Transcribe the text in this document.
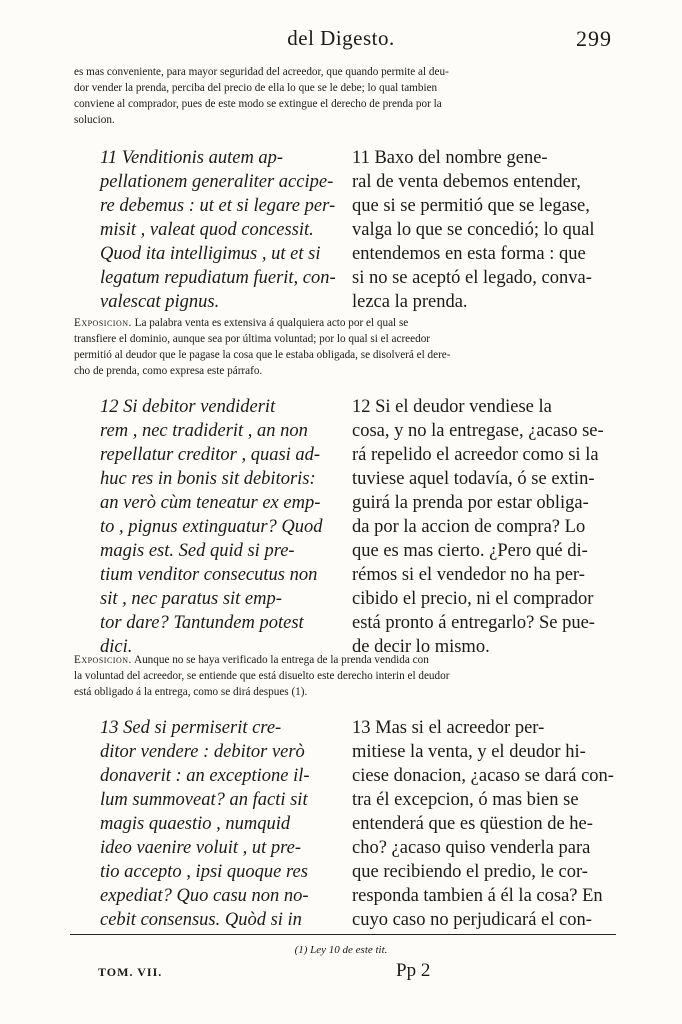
del Digesto.	299
es mas conveniente, para mayor seguridad del acreedor, que quando permite al deu-
dor vender la prenda, perciba del precio de ella lo que se le debe; lo qual tambien
conviene al comprador, pues de este modo se extingue el derecho de prenda por la
solucion.
11 Venditionis autem ap-
pellationem generaliter accipe-
re debemus : ut et si legare per-
misit , valeat quod concessit.
Quod ita intelligimus , ut et si
legatum repudiatum fuerit, con-
valescat pignus.
11 Baxo del nombre gene-
ral de venta debemos entender,
que si se permitió que se legase,
valga lo que se concedió; lo qual
entendemos en esta forma : que
si no se aceptó el legado, conva-
lezca la prenda.
Exposicion. La palabra venta es extensiva á qualquiera acto por el qual se
transfiere el dominio, aunque sea por última voluntad; por lo qual si el acreedor
permitió al deudor que le pagase la cosa que le estaba obligada, se disolverá el dere-
cho de prenda, como expresa este párrafo.
12 Si debitor vendiderit
rem , nec tradiderit , an non
repellatur creditor , quasi ad-
huc res in bonis sit debitoris:
an verò cùm teneatur ex emp-
to , pignus extinguatur? Quod
magis est. Sed quid si pre-
tium venditor consecutus non
sit , nec paratus sit emp-
tor dare? Tantundem potest
dici.
12 Si el deudor vendiese la
cosa, y no la entregase, ¿acaso se-
rá repelido el acreedor como si la
tuviese aquel todavía, ó se extin-
guirá la prenda por estar obliga-
da por la accion de compra? Lo
que es mas cierto. ¿Pero qué di-
rémos si el vendedor no ha per-
cibido el precio, ni el comprador
está pronto á entregarlo? Se pue-
de decir lo mismo.
Exposicion. Aunque no se haya verificado la entrega de la prenda vendida con
la voluntad del acreedor, se entiende que está disuelto este derecho interin el deudor
está obligado á la entrega, como se dirá despues (1).
13 Sed si permiserit cre-
ditor vendere : debitor verò
donaverit : an exceptione il-
lum summoveat? an facti sit
magis quaestio , numquid
ideo vaenire voluit , ut pre-
tio accepto , ipsi quoque res
expediat? Quo casu non no-
cebit consensus. Quòd si in
13 Mas si el acreedor per-
mitiese la venta, y el deudor hi-
ciese donacion, ¿acaso se dará con-
tra él excepcion, ó mas bien se
entenderá que es qüestion de he-
cho? ¿acaso quiso venderla para
que recibiendo el predio, le cor-
responda tambien á él la cosa? En
cuyo caso no perjudicará el con-
(1) Ley 10 de este tit.
TOM. VII.	Pp 2
